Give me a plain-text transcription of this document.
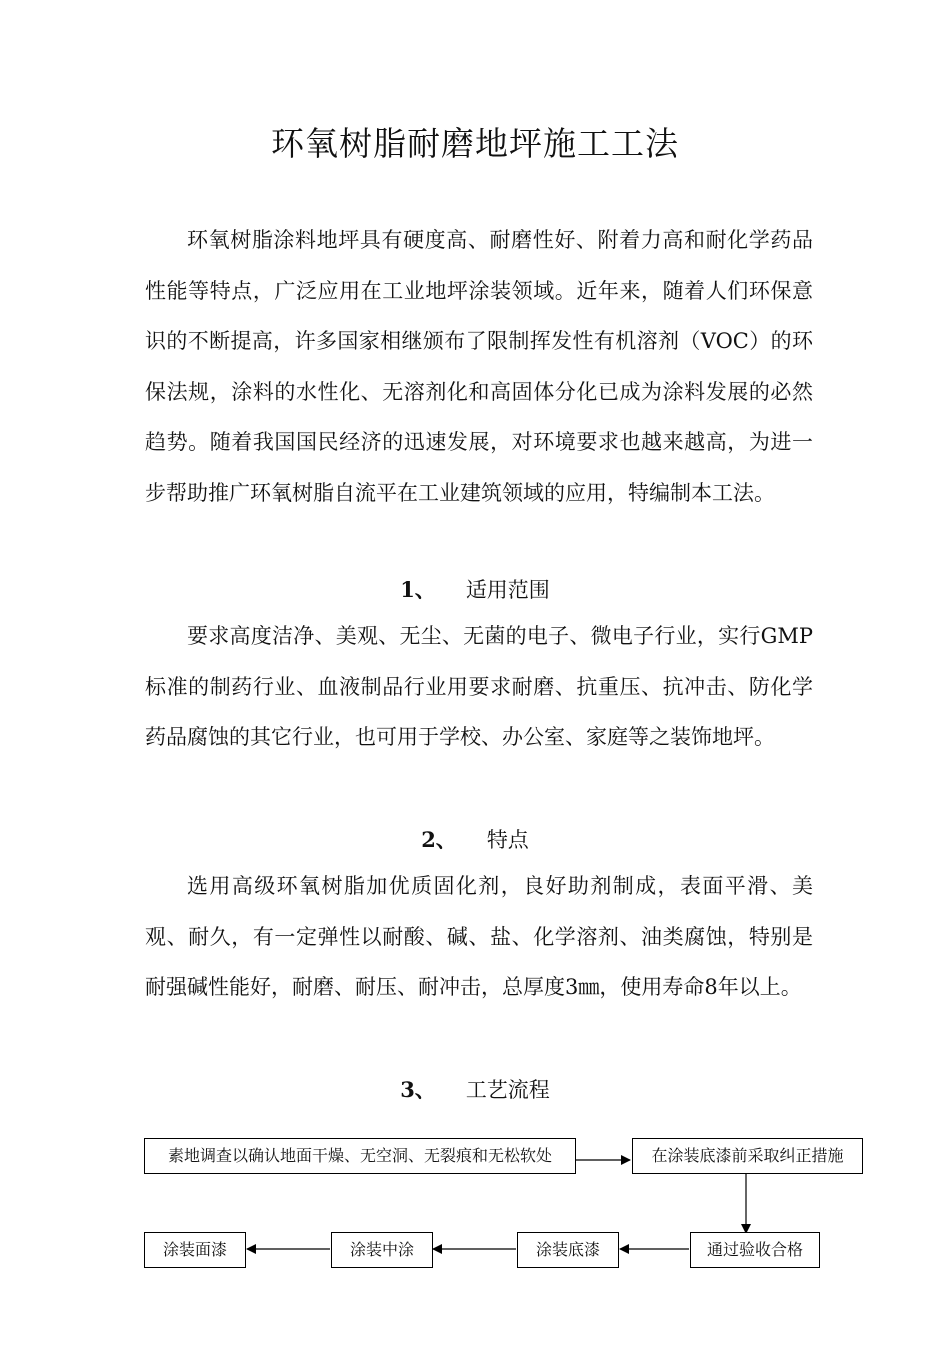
环氧树脂耐磨地坪施工工法

环氧树脂涂料地坪具有硬度高、耐磨性好、附着力高和耐化学药品性能等特点，广泛应用在工业地坪涂装领域。近年来，随着人们环保意识的不断提高，许多国家相继颁布了限制挥发性有机溶剂（VOC）的环保法规，涂料的水性化、无溶剂化和高固体分化已成为涂料发展的必然趋势。随着我国国民经济的迅速发展，对环境要求也越来越高，为进一步帮助推广环氧树脂自流平在工业建筑领域的应用，特编制本工法。

1、 适用范围

要求高度洁净、美观、无尘、无菌的电子、微电子行业，实行GMP标准的制药行业、血液制品行业用要求耐磨、抗重压、抗冲击、防化学药品腐蚀的其它行业，也可用于学校、办公室、家庭等之装饰地坪。

2、 特点

选用高级环氧树脂加优质固化剂，良好助剂制成，表面平滑、美观、耐久，有一定弹性以耐酸、碱、盐、化学溶剂、油类腐蚀，特别是耐强碱性能好，耐磨、耐压、耐冲击，总厚度3㎜，使用寿命8年以上。

3、 工艺流程
素地调查以确认地面干燥、无空洞、无裂痕和无松软处	在涂装底漆前采取纠正措施
通过验收合格
涂装底漆
涂装中涂
涂装面漆
